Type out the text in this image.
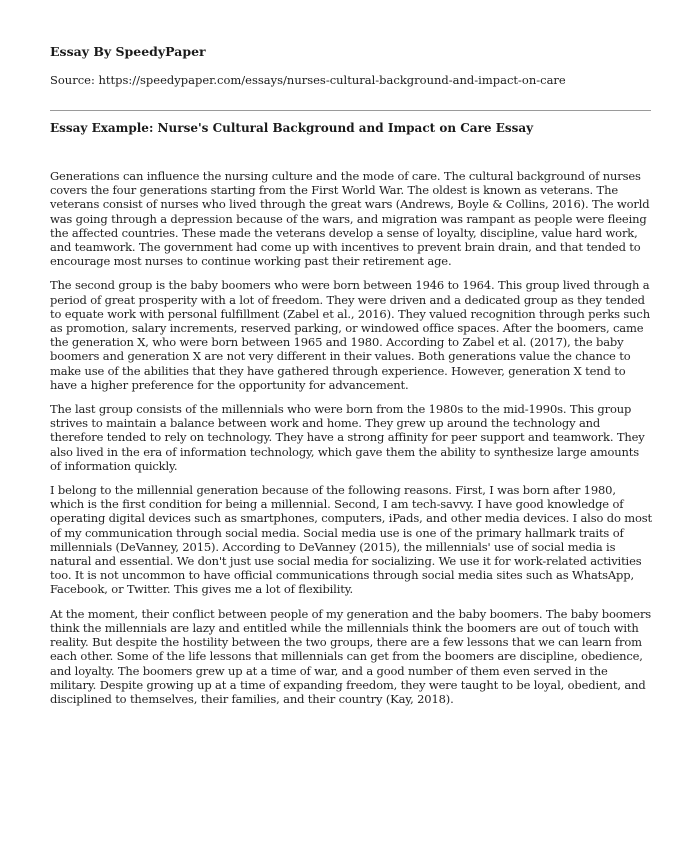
Essay By SpeedyPaper
Source: https://speedypaper.com/essays/nurses-cultural-background-and-impact-on-care
Essay Example: Nurse's Cultural Background and Impact on Care Essay

Generations can influence the nursing culture and the mode of care. The cultural background of nurses covers the four generations starting from the First World War. The oldest is known as veterans. The veterans consist of nurses who lived through the great wars (Andrews, Boyle & Collins, 2016). The world was going through a depression because of the wars, and migration was rampant as people were fleeing the affected countries. These made the veterans develop a sense of loyalty, discipline, value hard work, and teamwork. The government had come up with incentives to prevent brain drain, and that tended to encourage most nurses to continue working past their retirement age.

The second group is the baby boomers who were born between 1946 to 1964. This group lived through a period of great prosperity with a lot of freedom. They were driven and a dedicated group as they tended to equate work with personal fulfillment (Zabel et al., 2016). They valued recognition through perks such as promotion, salary increments, reserved parking, or windowed office spaces. After the boomers, came the generation X, who were born between 1965 and 1980. According to Zabel et al. (2017), the baby boomers and generation X are not very different in their values. Both generations value the chance to make use of the abilities that they have gathered through experience. However, generation X tend to have a higher preference for the opportunity for advancement.

The last group consists of the millennials who were born from the 1980s to the mid-1990s. This group strives to maintain a balance between work and home. They grew up around the technology and therefore tended to rely on technology. They have a strong affinity for peer support and teamwork. They also lived in the era of information technology, which gave them the ability to synthesize large amounts of information quickly.

I belong to the millennial generation because of the following reasons. First, I was born after 1980, which is the first condition for being a millennial. Second, I am tech-savvy. I have good knowledge of operating digital devices such as smartphones, computers, iPads, and other media devices. I also do most of my communication through social media. Social media use is one of the primary hallmark traits of millennials (DeVanney, 2015). According to DeVanney (2015), the millennials' use of social media is natural and essential. We don't just use social media for socializing. We use it for work-related activities too. It is not uncommon to have official communications through social media sites such as WhatsApp, Facebook, or Twitter. This gives me a lot of flexibility.

At the moment, their conflict between people of my generation and the baby boomers. The baby boomers think the millennials are lazy and entitled while the millennials think the boomers are out of touch with reality. But despite the hostility between the two groups, there are a few lessons that we can learn from each other. Some of the life lessons that millennials can get from the boomers are discipline, obedience, and loyalty. The boomers grew up at a time of war, and a good number of them even served in the military. Despite growing up at a time of expanding freedom, they were taught to be loyal, obedient, and disciplined to themselves, their families, and their country (Kay, 2018).
